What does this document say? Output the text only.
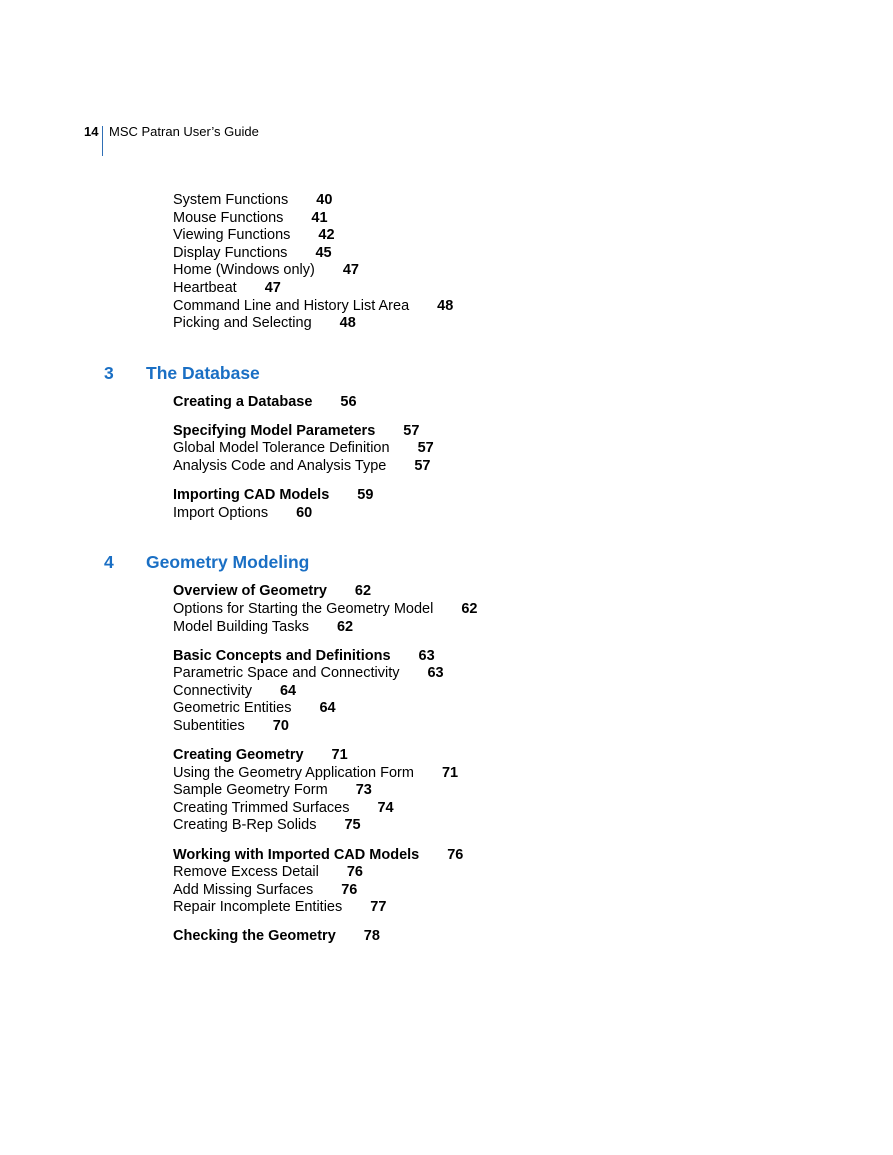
14 MSC Patran User’s Guide
System Functions 40
Mouse Functions 41
Viewing Functions 42
Display Functions 45
Home (Windows only) 47
Heartbeat 47
Command Line and History List Area 48
Picking and Selecting 48
3 The Database
Creating a Database 56
Specifying Model Parameters 57
Global Model Tolerance Definition 57
Analysis Code and Analysis Type 57
Importing CAD Models 59
Import Options 60
4 Geometry Modeling
Overview of Geometry 62
Options for Starting the Geometry Model 62
Model Building Tasks 62
Basic Concepts and Definitions 63
Parametric Space and Connectivity 63
Connectivity 64
Geometric Entities 64
Subentities 70
Creating Geometry 71
Using the Geometry Application Form 71
Sample Geometry Form 73
Creating Trimmed Surfaces 74
Creating B-Rep Solids 75
Working with Imported CAD Models 76
Remove Excess Detail 76
Add Missing Surfaces 76
Repair Incomplete Entities 77
Checking the Geometry 78
